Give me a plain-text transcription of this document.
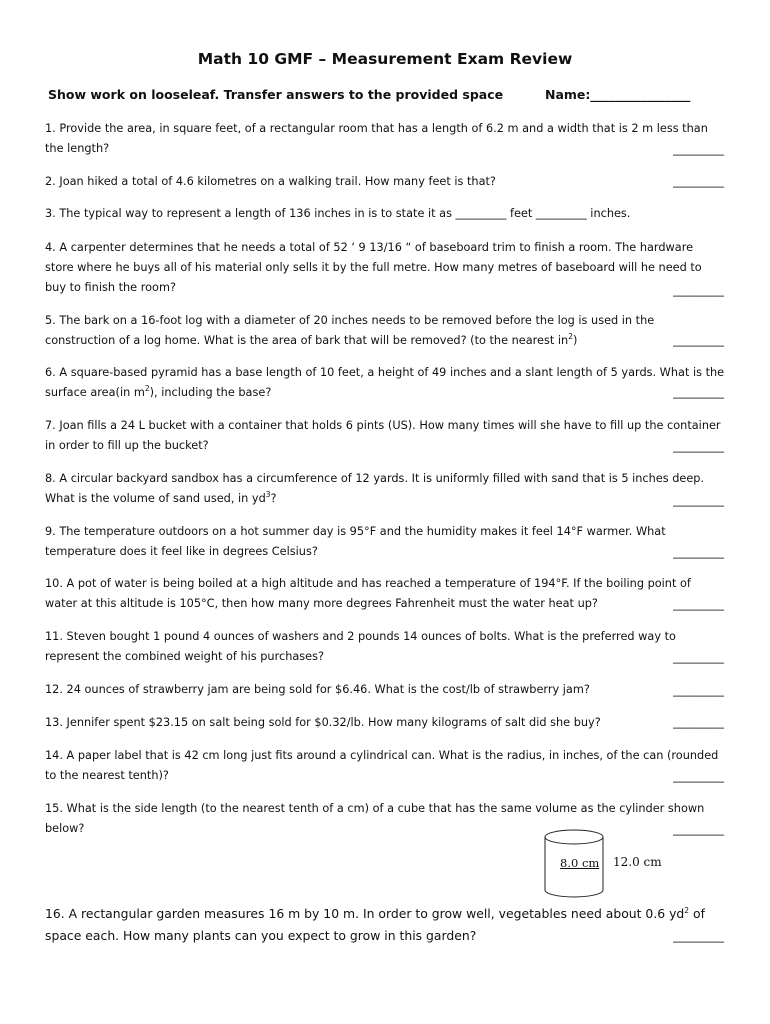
Math 10 GMF – Measurement Exam Review
Show work on looseleaf. Transfer answers to the provided space	Name:________________
1. Provide the area, in square feet, of a rectangular room that has a length of 6.2 m and a width that is 2 m less than the length?	_________
2. Joan hiked a total of 4.6 kilometres on a walking trail. How many feet is that?	_________
3. The typical way to represent a length of 136 inches in is to state it as _________ feet _________ inches.
4. A carpenter determines that he needs a total of 52 ‘ 9 13/16 “ of baseboard trim to finish a room. The hardware store where he buys all of his material only sells it by the full metre. How many metres of baseboard will he need to buy to finish the room?	_________
5. The bark on a 16-foot log with a diameter of 20 inches needs to be removed before the log is used in the construction of a log home. What is the area of bark that will be removed? (to the nearest $in^2$)	_________
6. A square-based pyramid has a base length of 10 feet, a height of 49 inches and a slant length of 5 yards. What is the surface area(in $m^2$), including the base?	_________
7. Joan fills a 24 L bucket with a container that holds 6 pints (US). How many times will she have to fill up the container in order to fill up the bucket?	_________
8. A circular backyard sandbox has a circumference of 12 yards. It is uniformly filled with sand that is 5 inches deep. What is the volume of sand used, in $yd^3$?	_________
9. The temperature outdoors on a hot summer day is 95°F and the humidity makes it feel 14°F warmer. What temperature does it feel like in degrees Celsius?	_________
10. A pot of water is being boiled at a high altitude and has reached a temperature of 194°F. If the boiling point of water at this altitude is 105°C, then how many more degrees Fahrenheit must the water heat up?	_________
11. Steven bought 1 pound 4 ounces of washers and 2 pounds 14 ounces of bolts. What is the preferred way to represent the combined weight of his purchases?	_________
12. 24 ounces of strawberry jam are being sold for $6.46. What is the cost/lb of strawberry jam?	_________
13. Jennifer spent $23.15 on salt being sold for $0.32/lb. How many kilograms of salt did she buy?	_________
14. A paper label that is 42 cm long just fits around a cylindrical can. What is the radius, in inches, of the can (rounded to the nearest tenth)?	_________
15. What is the side length (to the nearest tenth of a cm) of a cube that has the same volume as the cylinder shown below?	_________
8.0 cm 12.0 cm
16. A rectangular garden measures 16 m by 10 m. In order to grow well, vegetables need about 0.6 $yd^2$ of space each. How many plants can you expect to grow in this garden?	_________
